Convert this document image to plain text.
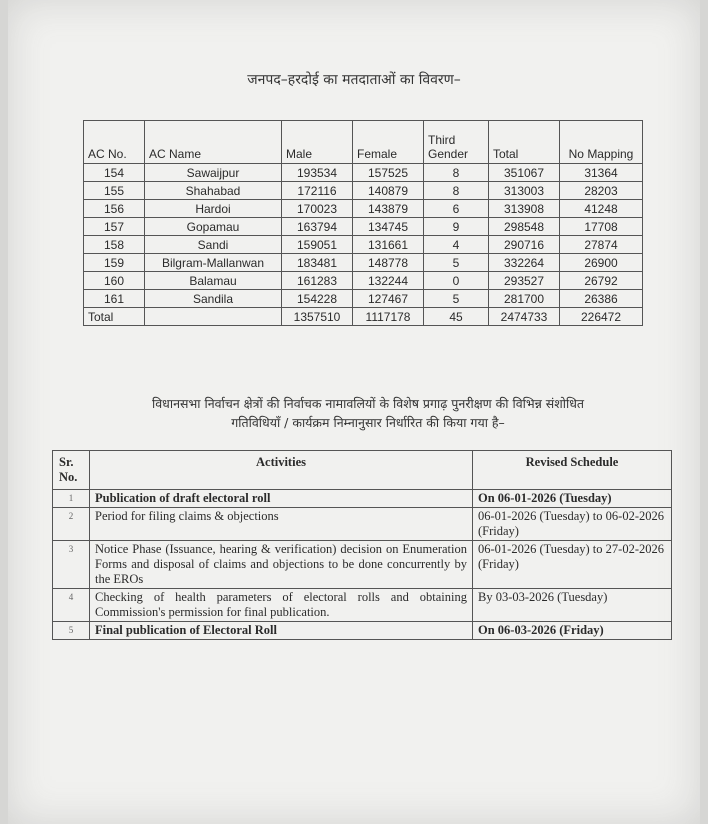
जनपद–हरदोई का मतदाताओं का विवरण–
AC No.	AC Name	Male	Female	Third Gender	Total	No Mapping
154	Sawaijpur	193534	157525	8	351067	31364
155	Shahabad	172116	140879	8	313003	28203
156	Hardoi	170023	143879	6	313908	41248
157	Gopamau	163794	134745	9	298548	17708
158	Sandi	159051	131661	4	290716	27874
159	Bilgram-Mallanwan	183481	148778	5	332264	26900
160	Balamau	161283	132244	0	293527	26792
161	Sandila	154228	127467	5	281700	26386
Total		1357510	1117178	45	2474733	226472
विधानसभा निर्वाचन क्षेत्रों की निर्वाचक नामावलियों के विशेष प्रगाढ़ पुनरीक्षण की विभिन्न संशोधित
गतिविधियाँ / कार्यक्रम निम्नानुसार निर्धारित की किया गया है–
Sr. No.	Activities	Revised Schedule
1	Publication of draft electoral roll	On 06-01-2026 (Tuesday)
2	Period for filing claims & objections	06-01-2026 (Tuesday) to 06-02-2026 (Friday)
3	Notice Phase (Issuance, hearing & verification) decision on Enumeration Forms and disposal of claims and objections to be done concurrently by the EROs	06-01-2026 (Tuesday) to 27-02-2026 (Friday)
4	Checking of health parameters of electoral rolls and obtaining Commission's permission for final publication.	By 03-03-2026 (Tuesday)
5	Final publication of Electoral Roll	On 06-03-2026 (Friday)
